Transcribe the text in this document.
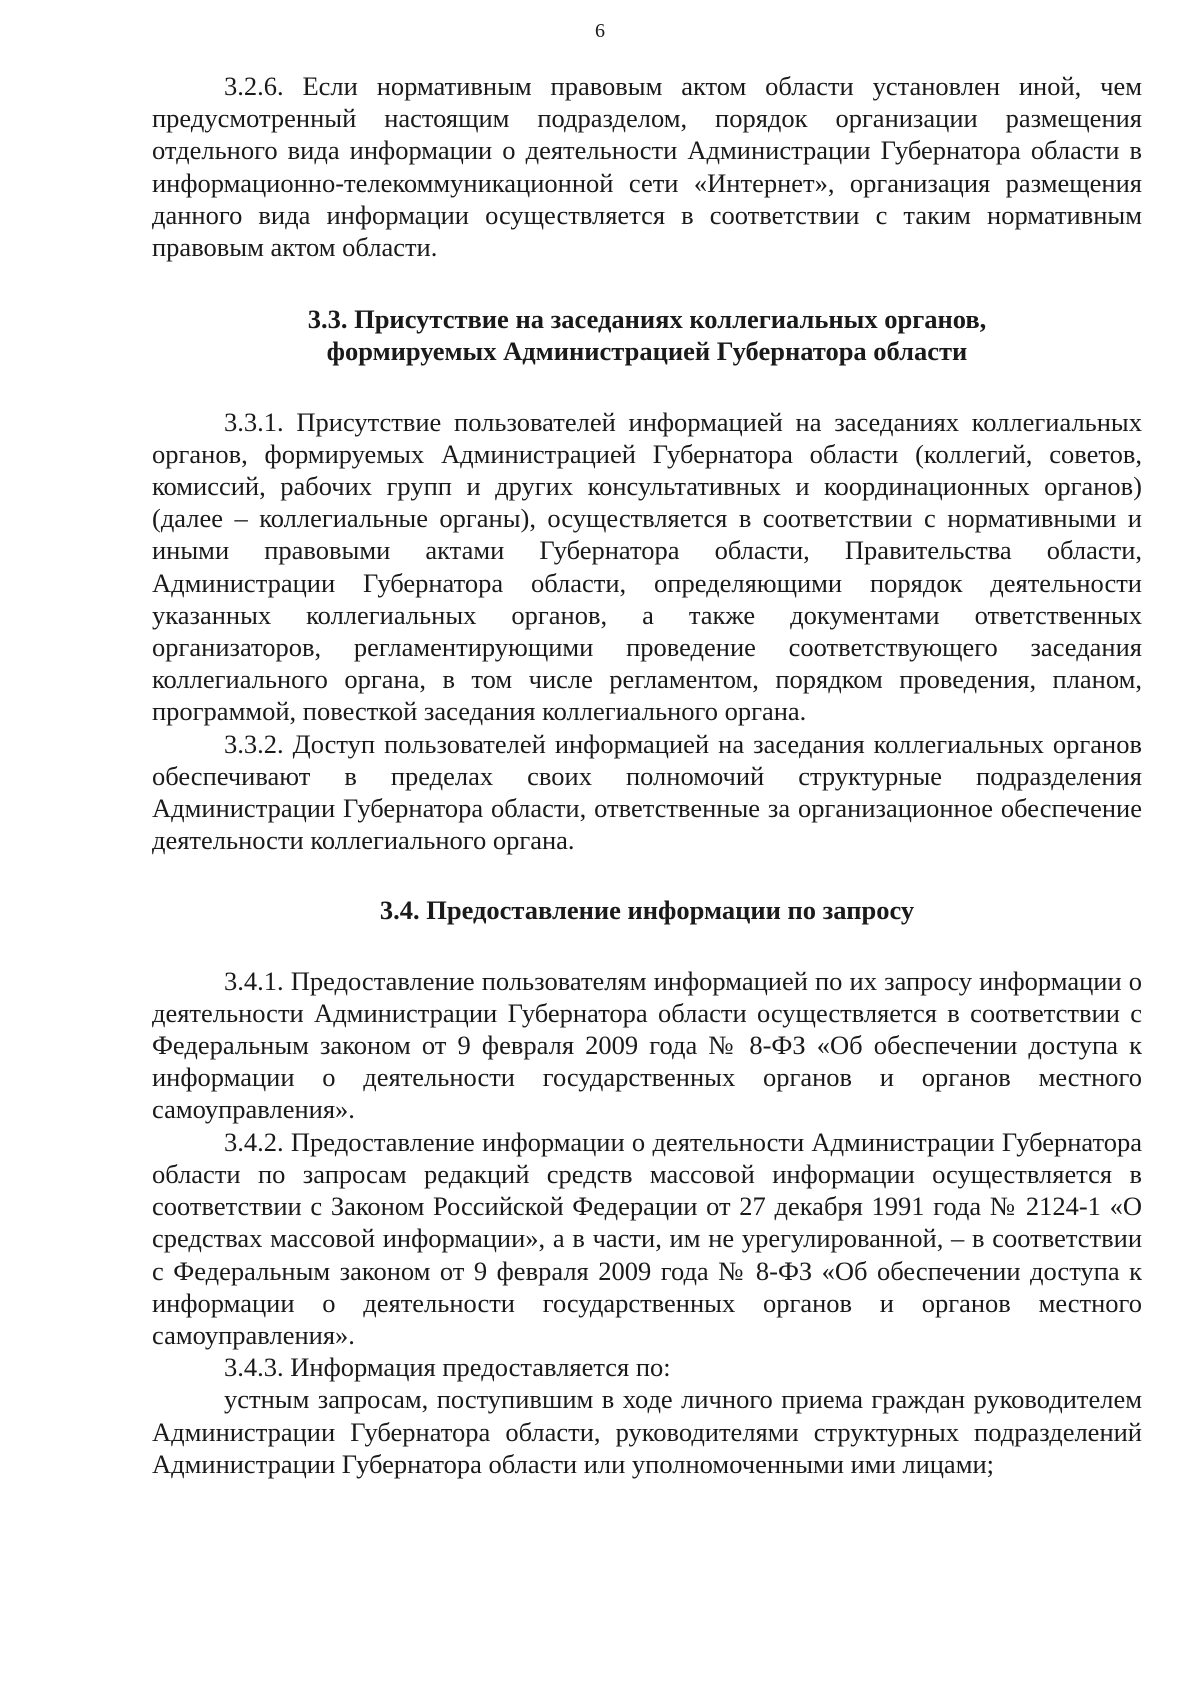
6

3.2.6. Если нормативным правовым актом области установлен иной, чем предусмотренный настоящим подразделом, порядок организации размещения отдельного вида информации о деятельности Администрации Губернатора области в информационно-телекоммуникационной сети «Интернет», организация размещения данного вида информации осуществляется в соответствии с таким нормативным правовым актом области.

3.3. Присутствие на заседаниях коллегиальных органов,
формируемых Администрацией Губернатора области

3.3.1. Присутствие пользователей информацией на заседаниях коллегиальных органов, формируемых Администрацией Губернатора области (коллегий, советов, комиссий, рабочих групп и других консультативных и координационных органов) (далее – коллегиальные органы), осуществляется в соответствии с нормативными и иными правовыми актами Губернатора области, Правительства области, Администрации Губернатора области, определяющими порядок деятельности указанных коллегиальных органов, а также документами ответственных организаторов, регламентирующими проведение соответствующего заседания коллегиального органа, в том числе регламентом, порядком проведения, планом, программой, повесткой заседания коллегиального органа.

3.3.2. Доступ пользователей информацией на заседания коллегиальных органов обеспечивают в пределах своих полномочий структурные подразделения Администрации Губернатора области, ответственные за организационное обеспечение деятельности коллегиального органа.

3.4. Предоставление информации по запросу

3.4.1. Предоставление пользователям информацией по их запросу информации о деятельности Администрации Губернатора области осуществляется в соответствии с Федеральным законом от 9 февраля 2009 года № 8-ФЗ «Об обеспечении доступа к информации о деятельности государственных органов и органов местного самоуправления».

3.4.2. Предоставление информации о деятельности Администрации Губернатора области по запросам редакций средств массовой информации осуществляется в соответствии с Законом Российской Федерации от 27 декабря 1991 года № 2124-1 «О средствах массовой информации», а в части, им не урегулированной, – в соответствии с Федеральным законом от 9 февраля 2009 года № 8-ФЗ «Об обеспечении доступа к информации о деятельности государственных органов и органов местного самоуправления».

3.4.3. Информация предоставляется по:

устным запросам, поступившим в ходе личного приема граждан руководителем Администрации Губернатора области, руководителями структурных подразделений Администрации Губернатора области или уполномоченными ими лицами;
